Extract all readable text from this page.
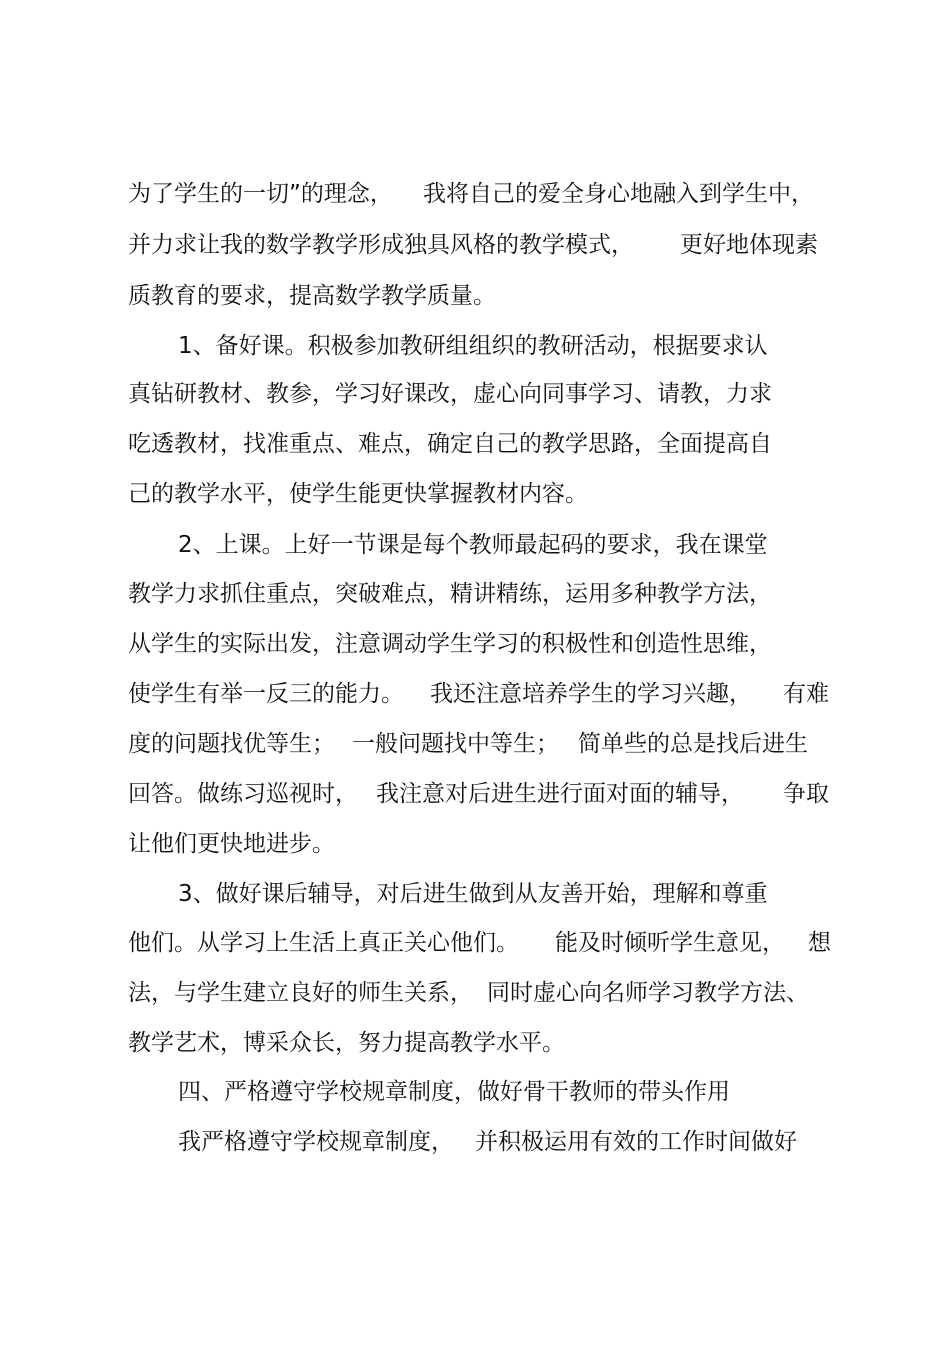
为了学生的一切”的理念，

我将自己的爱全身心地融入到学生中，

并力求让我的数学教学形成独具风格的教学模式，

更好地体现素

质教育的要求，提高数学教学质量。

1、备好课。积极参加教研组组织的教研活动，根据要求认

真钻研教材、教参，学习好课改，虚心向同事学习、请教，力求

吃透教材，找准重点、难点，确定自己的教学思路，全面提高自

己的教学水平，使学生能更快掌握教材内容。

2、上课。上好一节课是每个教师最起码的要求，我在课堂

教学力求抓住重点，突破难点，精讲精练，运用多种教学方法，

从学生的实际出发，注意调动学生学习的积极性和创造性思维，

使学生有举一反三的能力。

我还注意培养学生的学习兴趣，

有难

度的问题找优等生；

一般问题找中等生；

简单些的总是找后进生

回答。做练习巡视时，

我注意对后进生进行面对面的辅导，

争取

让他们更快地进步。

3、做好课后辅导，对后进生做到从友善开始，理解和尊重

他们。从学习上生活上真正关心他们。

能及时倾听学生意见，

想

法，与学生建立良好的师生关系，

同时虚心向名师学习教学方法、

教学艺术，博采众长，努力提高教学水平。

四、严格遵守学校规章制度，做好骨干教师的带头作用

我严格遵守学校规章制度，

并积极运用有效的工作时间做好
